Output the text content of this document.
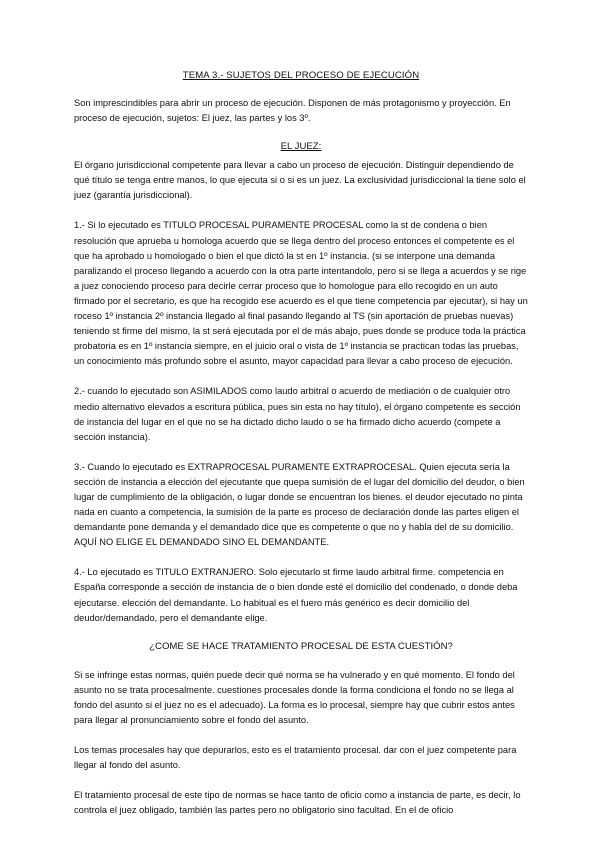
TEMA 3.- SUJETOS DEL PROCESO DE EJECUCIÓN

Son imprescindibles para abrir un proceso de ejecución. Disponen de más protagonismo y proyección. En proceso de ejecución, sujetos: El juez, las partes y los 3º.

EL JUEZ:

El órgano jurisdiccional competente para llevar a cabo un proceso de ejecución. Distinguir dependiendo de qué título se tenga entre manos, lo que ejecuta si o si es un juez. La exclusividad jurisdiccional la tiene solo el juez (garantía jurisdiccional).

1.- Si lo ejecutado es TITULO PROCESAL PURAMENTE PROCESAL como la st de condena o bien resolución que aprueba u homologa acuerdo que se llega dentro del proceso entonces el competente es el que ha aprobado u homologado o bien el que dictó la st en 1º instancia. (si se interpone una demanda paralizando el proceso llegando a acuerdo con la otra parte intentandolo, pero si se llega a acuerdos y se rige a juez conociendo proceso para decirle cerrar proceso que lo homologue para ello recogido en un auto firmado por el secretario, es que ha recogido ese acuerdo es el que tiene competencia par ejecutar), si hay un roceso 1º instancia 2º instancia llegado al final pasando llegando al TS (sin aportación de pruebas nuevas) teniendo st firme del mismo, la st será ejecutada por el de más abajo, pues donde se produce toda la práctica probatoria es en 1º instancia siempre, en el juicio oral o vista de 1º instancia se practican todas las pruebas, un conocimiento más profundo sobre el asunto, mayor capacidad para llevar a cabo proceso de ejecución.

2.- cuando lo ejecutado son ASIMILADOS como laudo arbitral o acuerdo de mediación o de cualquier otro medio alternativo elevados a escritura pública, pues sin esta no hay título), el órgano competente es sección de instancia del lugar en el que no se ha dictado dicho laudo o se ha firmado dicho acuerdo (compete a sección instancia).

3.- Cuando lo ejecutado es EXTRAPROCESAL PURAMENTE EXTRAPROCESAL. Quien ejecuta sería la sección de instancia a elección del ejecutante que quepa sumisión de el lugar del domicilio del deudor, o bien lugar de cumplimiento de la obligación, o lugar donde se encuentran los bienes. el deudor ejecutado no pinta nada en cuanto a competencia, la sumisión de la parte es proceso de declaración donde las partes eligen el demandante pone demanda y el demandado dice que es competente o que no y habla del de su domicilio. AQUÍ NO ELIGE EL DEMANDADO SINO EL DEMANDANTE.

4.- Lo ejecutado es TITULO EXTRANJERO. Solo ejecutarlo st firme laudo arbitral firme. competencia en España corresponde a sección de instancia de o bien donde esté el domicilio del condenado, o donde deba ejecutarse. elección del demandante. Lo habitual es el fuero más genérico es decir domicilio del deudor/demandado, pero el demandante elige.

¿COME SE HACE TRATAMIENTO PROCESAL DE ESTA CUESTIÓN?

Si se infringe estas normas, quién puede decir qué norma se ha vulnerado y en qué momento. El fondo del asunto no se trata procesalmente. cuestiones procesales donde la forma condiciona el fondo no se llega al fondo del asunto si el juez no es el adecuado). La forma es lo procesal, siempre hay que cubrir estos antes para llegar al pronunciamiento sobre el fondo del asunto.

Los temas procesales hay que depurarlos, esto es el tratamiento procesal. dar con el juez competente para llegar al fondo del asunto.

El tratamiento procesal de este tipo de normas se hace tanto de oficio como a instancia de parte, es decir, lo controla el juez obligado, también las partes pero no obligatorio sino facultad. En el de oficio
